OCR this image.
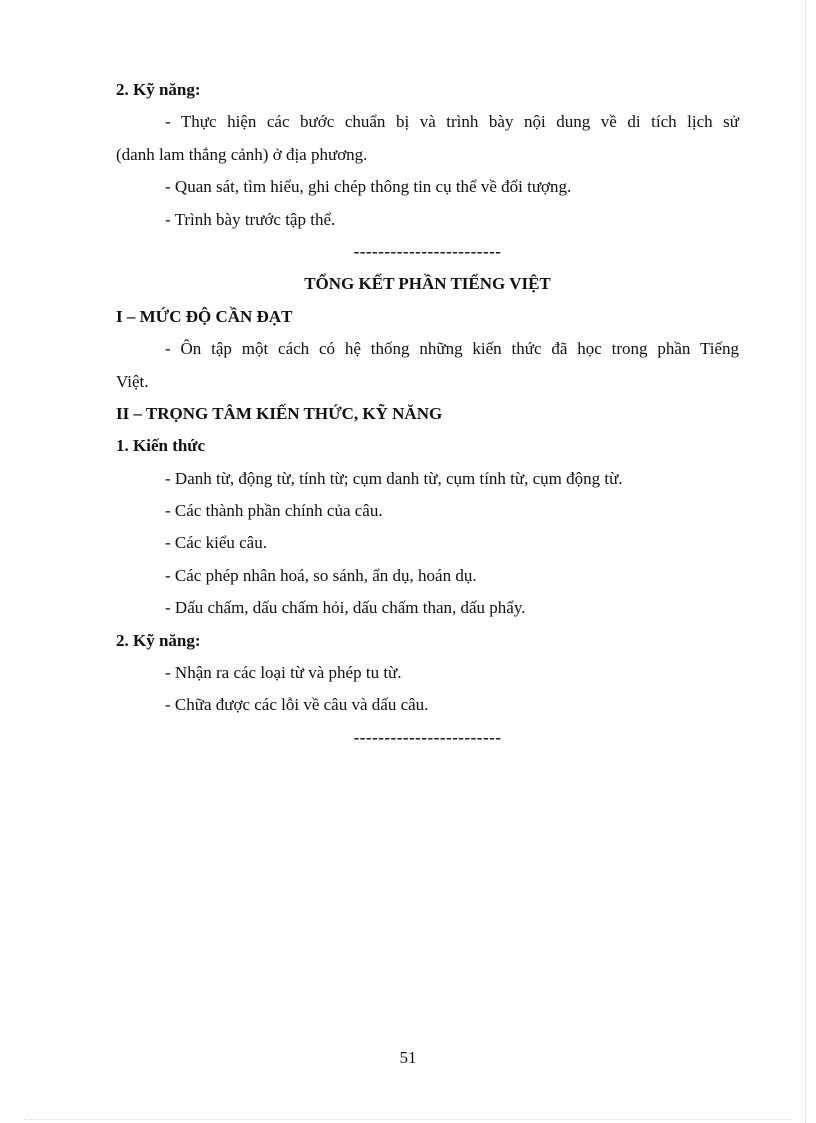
2. Kỹ năng:
- Thực hiện các bước chuẩn bị và trình bày nội dung về di tích lịch sử
(danh lam thắng cảnh) ở địa phương.
- Quan sát, tìm hiểu, ghi chép thông tin cụ thể về đối tượng.
- Trình bày trước tập thể.
------------------------
TỔNG KẾT PHẦN TIẾNG VIỆT
I – MỨC ĐỘ CẦN ĐẠT
- Ôn tập một cách có hệ thống những kiến thức đã học trong phần Tiếng
Việt.
II – TRỌNG TÂM KIẾN THỨC, KỸ NĂNG
1. Kiến thức
- Danh từ, động từ, tính từ; cụm danh từ, cụm tính từ, cụm động từ.
- Các thành phần chính của câu.
- Các kiểu câu.
- Các phép nhân hoá, so sánh, ẩn dụ, hoán dụ.
- Dấu chấm, dấu chấm hỏi, dấu chấm than, dấu phẩy.
2. Kỹ năng:
- Nhận ra các loại từ và phép tu từ.
- Chữa được các lỗi về câu và dấu câu.
------------------------
51
